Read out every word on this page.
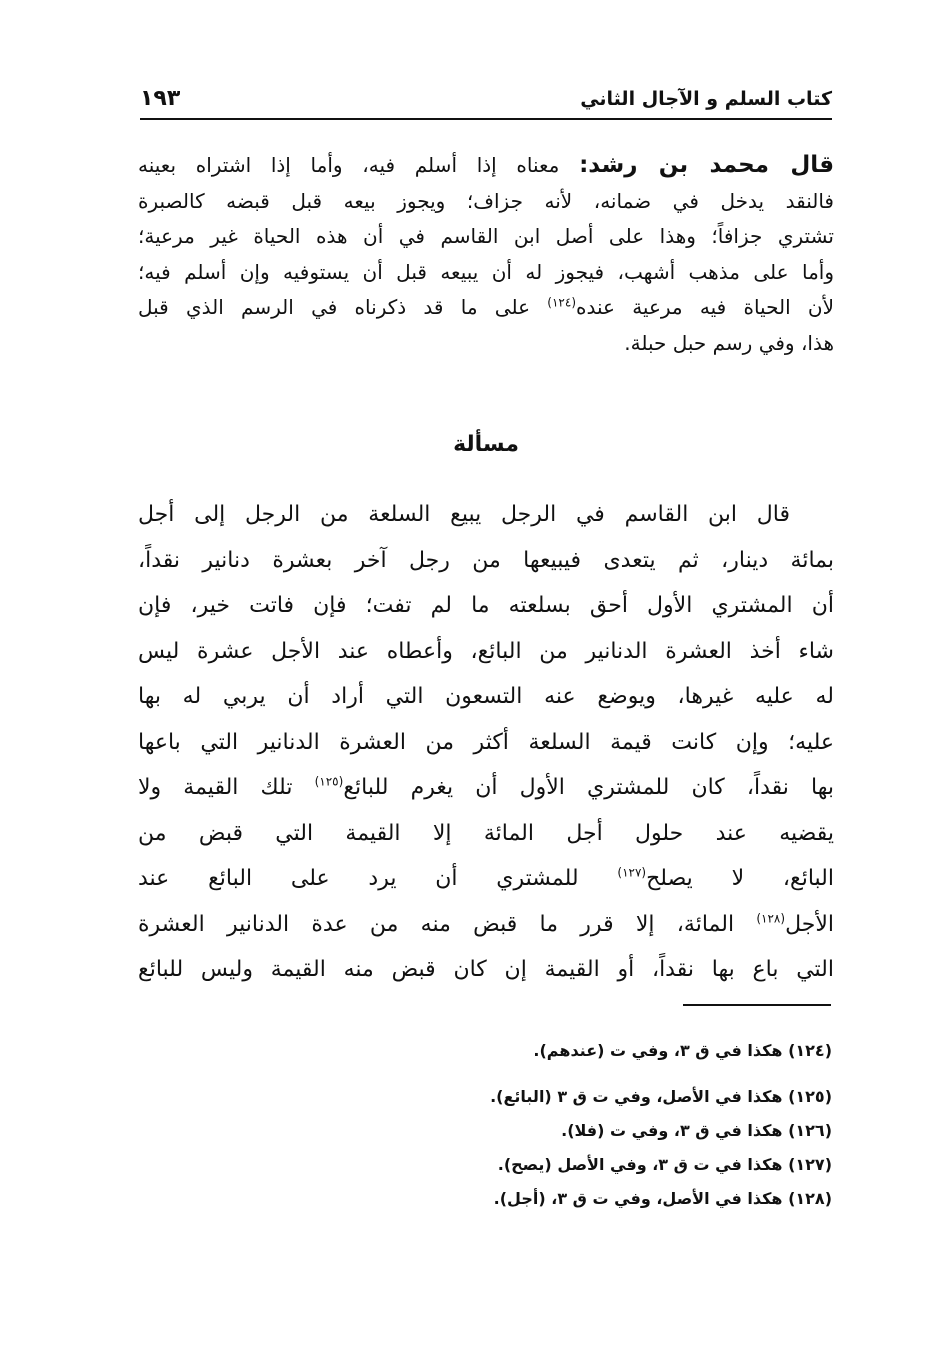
كتاب السلم و الآجال الثاني
١٩٣
قال محمد بن رشد: معناه إذا أسلم فيه، وأما إذا اشتراه بعينه
فالنقد يدخل في ضمانه، لأنه جزاف؛ ويجوز بيعه قبل قبضه كالصبرة
تشتري جزافاً؛ وهذا على أصل ابن القاسم في أن هذه الحياة غير مرعية؛
وأما على مذهب أشهب، فيجوز له أن يبيعه قبل أن يستوفيه وإن أسلم فيه؛
لأن الحياة فيه مرعية عنده$^{(١٢٤)}$ على ما قد ذكرناه في الرسم الذي قبل
هذا، وفي رسم حبل حبلة.
مسألة
قال ابن القاسم في الرجل يبيع السلعة من الرجل إلى أجل
بمائة دينار، ثم يتعدى فيبيعها من رجل آخر بعشرة دنانير نقداً،
أن المشتري الأول أحق بسلعته ما لم تفت؛ فإن فاتت خير، فإن
شاء أخذ العشرة الدنانير من البائع، وأعطاه عند الأجل عشرة ليس
له عليه غيرها، ويوضع عنه التسعون التي أراد أن يربي له بها
عليه؛ وإن كانت قيمة السلعة أكثر من العشرة الدنانير التي باعها
بها نقداً، كان للمشتري الأول أن يغرم للبائع$^{(١٢٥)}$ تلك القيمة ولا
يقضيه عند حلول أجل المائة إلا القيمة التي قبض من
البائع، لا يصلح$^{(١٢٧)}$ للمشتري أن يرد على البائع عند
الأجل$^{(١٢٨)}$ المائة، إلا قرر ما قبض منه من عدة الدنانير العشرة
التي باع بها نقداً، أو القيمة إن كان قبض منه القيمة وليس للبائع
(١٢٤) هكذا في ق ٣، وفي ت (عندهم).
(١٢٥) هكذا في الأصل، وفي ت ق ٣ (البائع).
(١٢٦) هكذا في ق ٣، وفي ت (فلا).
(١٢٧) هكذا في ت ق ٣، وفي الأصل (يصح).
(١٢٨) هكذا في الأصل، وفي ت ق ٣، (أجل).
